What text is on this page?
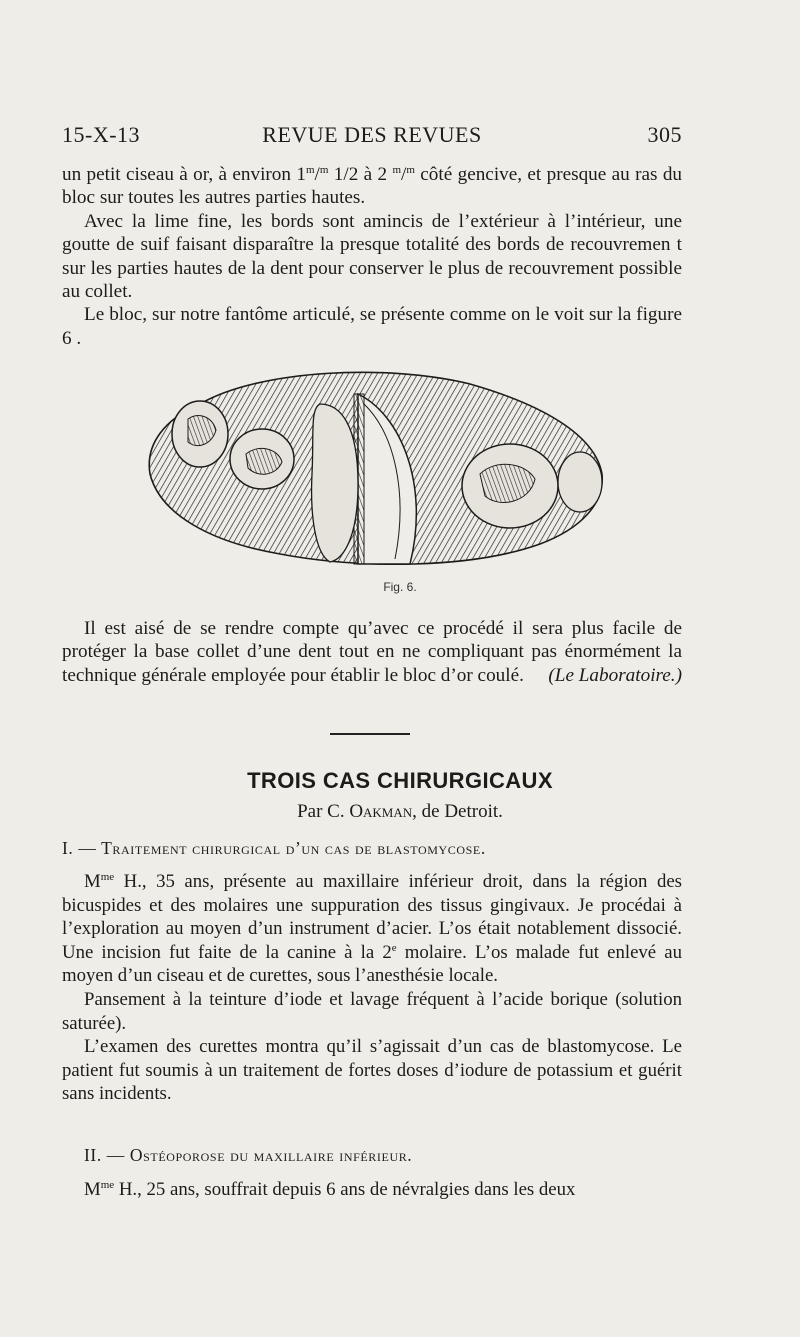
15-X-13	REVUE DES REVUES	305

un petit ciseau à or, à environ 1$^m$/$^m$ 1/2 à 2 $^m$/$^m$ côté gencive, et presque au ras du bloc sur toutes les autres parties hautes.

Avec la lime fine, les bords sont amincis de l’extérieur à l’intérieur, une goutte de suif faisant disparaître la presque totalité des bords de recouvremen t sur les parties hautes de la dent pour conserver le plus de recouvrement possible au collet.

Le bloc, sur notre fantôme articulé, se présente comme on le voit sur la figure 6 .

Fig. 6.

Il est aisé de se rendre compte qu’avec ce procédé il sera plus facile de protéger la base collet d’une dent tout en ne compliquant pas énormément la technique générale employée pour établir le bloc d’or coulé.	(Le Laboratoire.)

TROIS CAS CHIRURGICAUX
Par C. Oakman, de Detroit.
I. — Traitement chirurgical d’un cas de blastomycose.

$M^{me}$ H., 35 ans, présente au maxillaire inférieur droit, dans la région des bicuspides et des molaires une suppuration des tissus gingivaux. Je procédai à l’exploration au moyen d’un instrument d’acier. L’os était notablement dissocié. Une incision fut faite de la canine à la 2e molaire. L’os malade fut enlevé au moyen d’un ciseau et de curettes, sous l’anesthésie locale.

Pansement à la teinture d’iode et lavage fréquent à l’acide borique (solution saturée).

L’examen des curettes montra qu’il s’agissait d’un cas de blastomycose. Le patient fut soumis à un traitement de fortes doses d’iodure de potassium et guérit sans incidents.

II. — Ostéoporose du maxillaire inférieur.

$M^{me}$ H., 25 ans, souffrait depuis 6 ans de névralgies dans les deux
